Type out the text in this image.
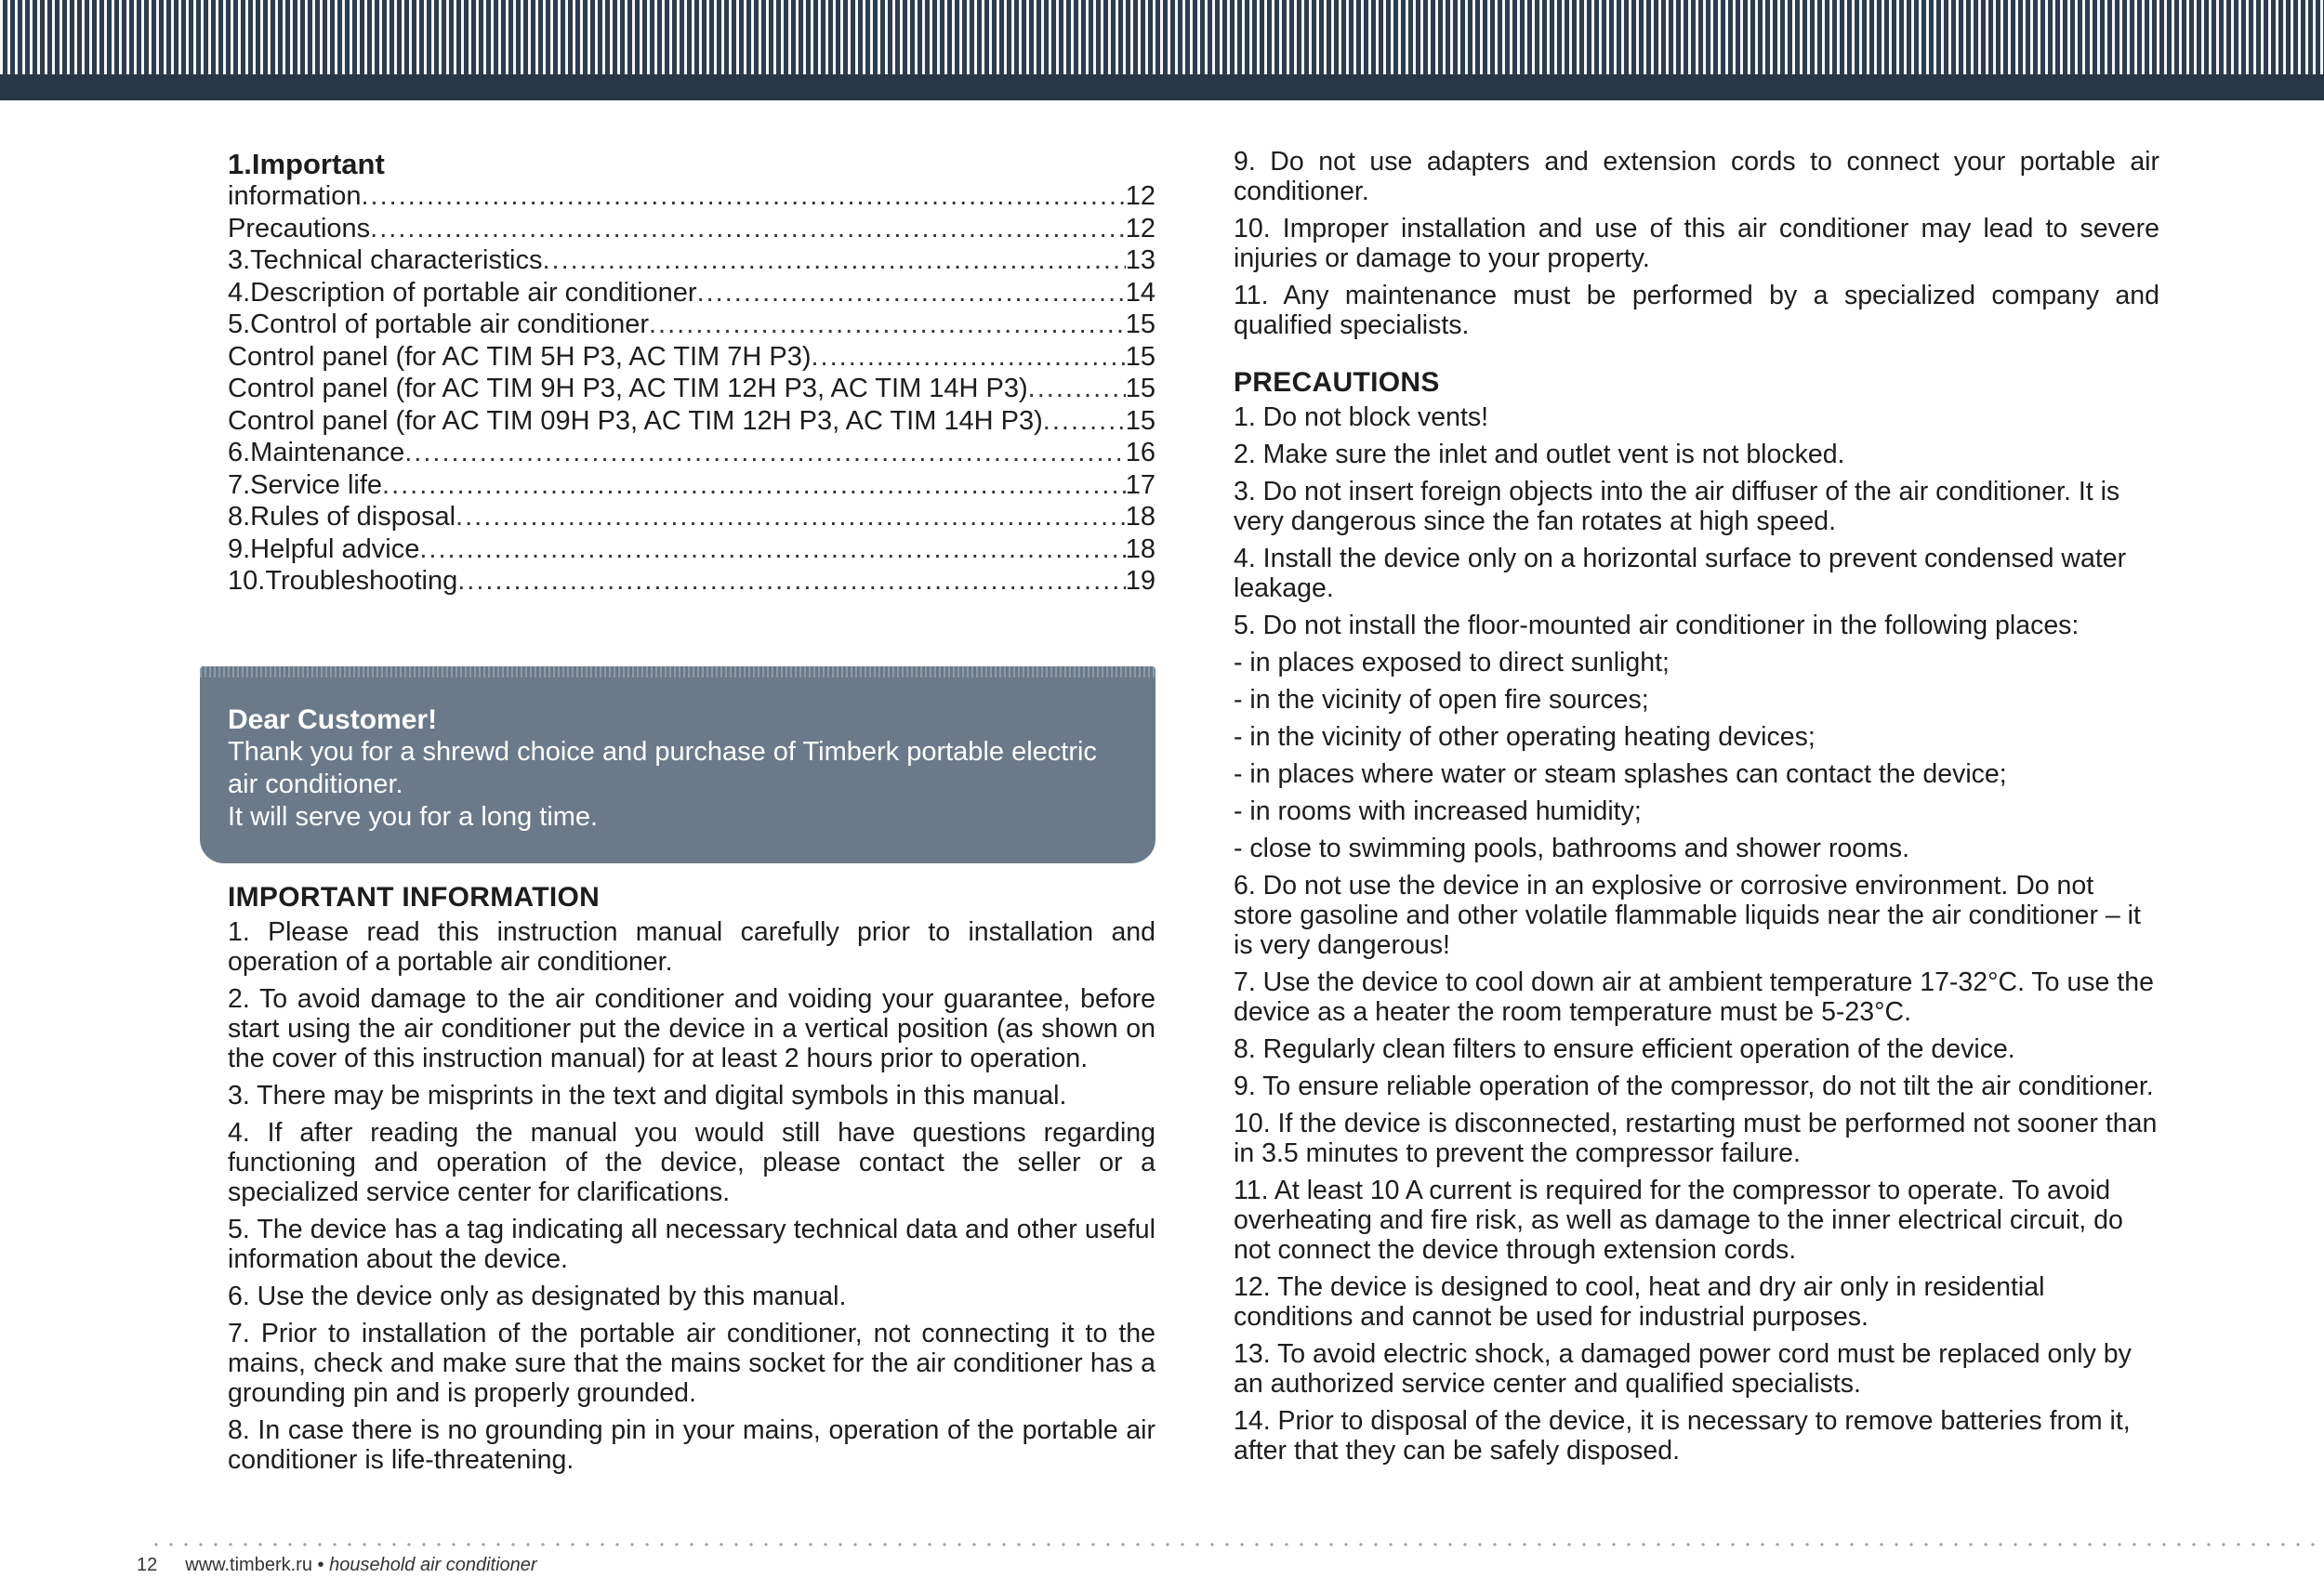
1.Important
information .....	12
Precautions .....	12
3.Technical characteristics .....	13
4.Description of portable air conditioner .....	14
5.Control of portable air conditioner .....	15
Control panel (for AC TIM 5H P3, AC TIM 7H P3) .....	15
Control panel (for AC TIM 9H P3, AC TIM 12H P3, AC TIM 14H P3) .....	15
Control panel (for AC TIM 09H P3, AC TIM 12H P3, AC TIM 14H P3) .....	15
6.Maintenance .....	16
7.Service life .....	17
8.Rules of disposal .....	18
9.Helpful advice .....	18
10.Troubleshooting .....	19

Dear Customer!

Thank you for a shrewd choice and purchase of Timberk portable electric air conditioner.

It will serve you for a long time.

IMPORTANT INFORMATION

1. Please read this instruction manual carefully prior to installation and operation of a portable air conditioner.

2. To avoid damage to the air conditioner and voiding your guarantee, before start using the air conditioner put the device in a vertical position (as shown on the cover of this instruction manual) for at least 2 hours prior to operation.

3. There may be misprints in the text and digital symbols in this manual.

4. If after reading the manual you would still have questions regarding functioning and operation of the device, please contact the seller or a specialized service center for clarifications.

5. The device has a tag indicating all necessary technical data and other useful information about the device.

6. Use the device only as designated by this manual.

7. Prior to installation of the portable air conditioner, not connecting it to the mains, check and make sure that the mains socket for the air conditioner has a grounding pin and is properly grounded.

8. In case there is no grounding pin in your mains, operation of the portable air conditioner is life-threatening.

9. Do not use adapters and extension cords to connect your portable air conditioner.

10. Improper installation and use of this air conditioner may lead to severe injuries or damage to your property.

11. Any maintenance must be performed by a specialized company and qualified specialists.

PRECAUTIONS

1. Do not block vents!

2. Make sure the inlet and outlet vent is not blocked.

3. Do not insert foreign objects into the air diffuser of the air conditioner. It is very dangerous since the fan rotates at high speed.

4. Install the device only on a horizontal surface to prevent condensed water leakage.

5. Do not install the floor-mounted air conditioner in the following places:

- in places exposed to direct sunlight;

- in the vicinity of open fire sources;

- in the vicinity of other operating heating devices;

- in places where water or steam splashes can contact the device;

- in rooms with increased humidity;

- close to swimming pools, bathrooms and shower rooms.

6. Do not use the device in an explosive or corrosive environment. Do not store gasoline and other volatile flammable liquids near the air conditioner – it is very dangerous!

7. Use the device to cool down air at ambient temperature 17-32°C. To use the device as a heater the room temperature must be 5-23°C.

8. Regularly clean filters to ensure efficient operation of the device.

9. To ensure reliable operation of the compressor, do not tilt the air conditioner.

10. If the device is disconnected, restarting must be performed not sooner than in 3.5 minutes to prevent the compressor failure.

11. At least 10 A current is required for the compressor to operate. To avoid overheating and fire risk, as well as damage to the inner electrical circuit, do not connect the device through extension cords.

12. The device is designed to cool, heat and dry air only in residential conditions and cannot be used for industrial purposes.

13. To avoid electric shock, a damaged power cord must be replaced only by an authorized service center and qualified specialists.

14. Prior to disposal of the device, it is necessary to remove batteries from it, after that they can be safely disposed.

12 www.timberk.ru • household air conditioner
